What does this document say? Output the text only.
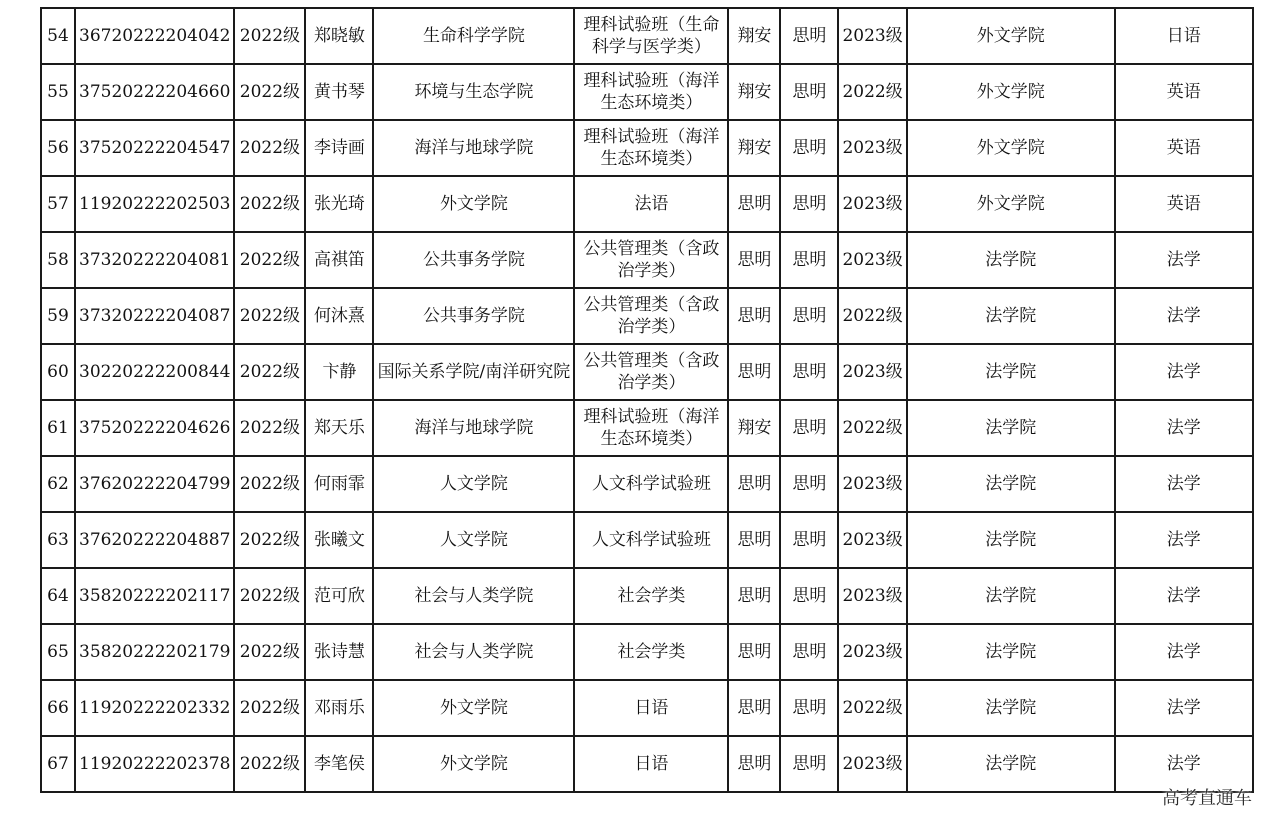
54	36720222204042	2022级	郑晓敏	生命科学学院	理科试验班（生命科学与医学类）	翔安	思明	2023级	外文学院	日语
55	37520222204660	2022级	黄书琴	环境与生态学院	理科试验班（海洋生态环境类）	翔安	思明	2022级	外文学院	英语
56	37520222204547	2022级	李诗画	海洋与地球学院	理科试验班（海洋生态环境类）	翔安	思明	2023级	外文学院	英语
57	11920222202503	2022级	张光琦	外文学院	法语	思明	思明	2023级	外文学院	英语
58	37320222204081	2022级	高祺笛	公共事务学院	公共管理类（含政治学类）	思明	思明	2023级	法学院	法学
59	37320222204087	2022级	何沐熹	公共事务学院	公共管理类（含政治学类）	思明	思明	2022级	法学院	法学
60	30220222200844	2022级	卞静	国际关系学院/南洋研究院	公共管理类（含政治学类）	思明	思明	2023级	法学院	法学
61	37520222204626	2022级	郑天乐	海洋与地球学院	理科试验班（海洋生态环境类）	翔安	思明	2022级	法学院	法学
62	37620222204799	2022级	何雨霏	人文学院	人文科学试验班	思明	思明	2023级	法学院	法学
63	37620222204887	2022级	张曦文	人文学院	人文科学试验班	思明	思明	2023级	法学院	法学
64	35820222202117	2022级	范可欣	社会与人类学院	社会学类	思明	思明	2023级	法学院	法学
65	35820222202179	2022级	张诗慧	社会与人类学院	社会学类	思明	思明	2023级	法学院	法学
66	11920222202332	2022级	邓雨乐	外文学院	日语	思明	思明	2022级	法学院	法学
67	11920222202378	2022级	李笔侯	外文学院	日语	思明	思明	2023级	法学院	法学
高考直通车
